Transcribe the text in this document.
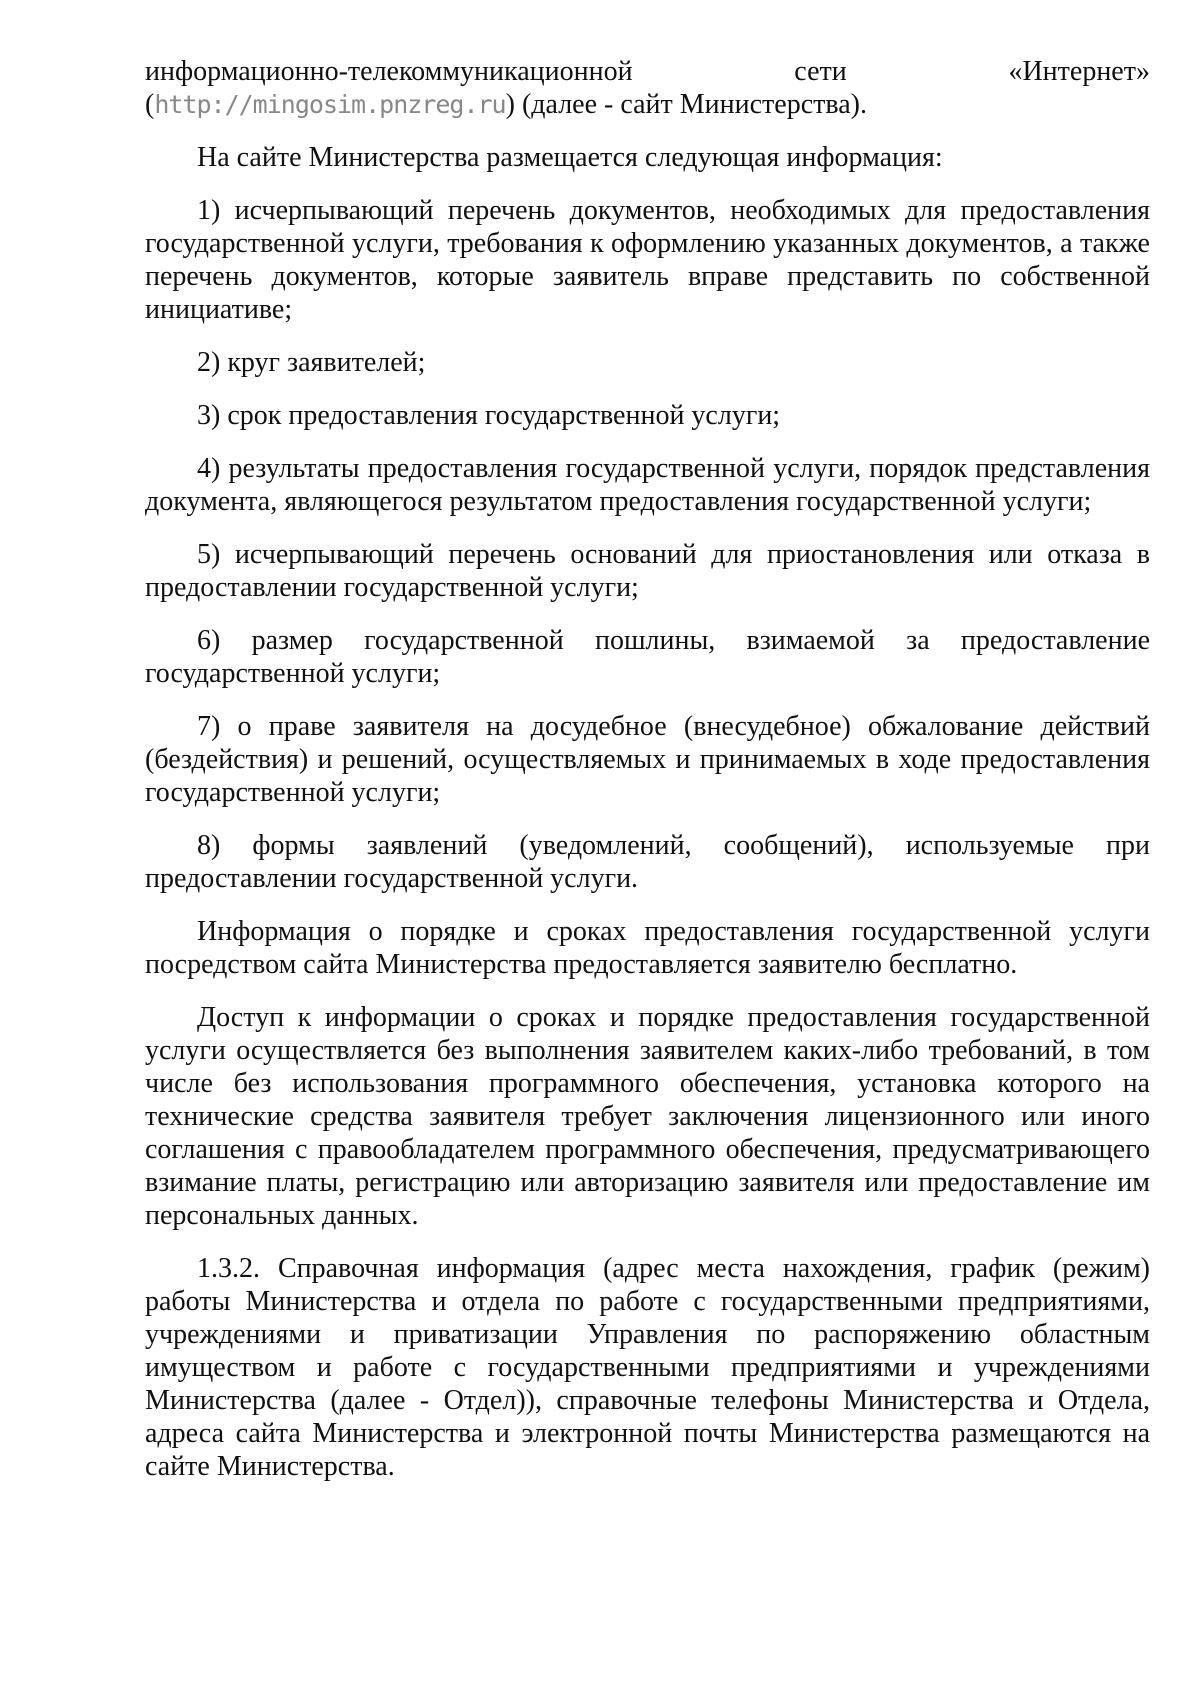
информационно-телекоммуникационной	сети	«Интернет»
(http://mingosim.pnzreg.ru) (далее - сайт Министерства).

На сайте Министерства размещается следующая информация:

1) исчерпывающий перечень документов, необходимых для предоставления государственной услуги, требования к оформлению указанных документов, а также перечень документов, которые заявитель вправе представить по собственной инициативе;

2) круг заявителей;

3) срок предоставления государственной услуги;

4) результаты предоставления государственной услуги, порядок представления документа, являющегося результатом предоставления государственной услуги;

5) исчерпывающий перечень оснований для приостановления или отказа в предоставлении государственной услуги;

6) размер государственной пошлины, взимаемой за предоставление государственной услуги;

7) о праве заявителя на досудебное (внесудебное) обжалование действий (бездействия) и решений, осуществляемых и принимаемых в ходе предоставления государственной услуги;

8) формы заявлений (уведомлений, сообщений), используемые при предоставлении государственной услуги.

Информация о порядке и сроках предоставления государственной услуги посредством сайта Министерства предоставляется заявителю бесплатно.

Доступ к информации о сроках и порядке предоставления государственной услуги осуществляется без выполнения заявителем каких-либо требований, в том числе без использования программного обеспечения, установка которого на технические средства заявителя требует заключения лицензионного или иного соглашения с правообладателем программного обеспечения, предусматривающего взимание платы, регистрацию или авторизацию заявителя или предоставление им персональных данных.

1.3.2. Справочная информация (адрес места нахождения, график (режим) работы Министерства и отдела по работе с государственными предприятиями, учреждениями и приватизации Управления по распоряжению областным имуществом и работе с государственными предприятиями и учреждениями Министерства (далее - Отдел)), справочные телефоны Министерства и Отдела, адреса сайта Министерства и электронной почты Министерства размещаются на сайте Министерства.
